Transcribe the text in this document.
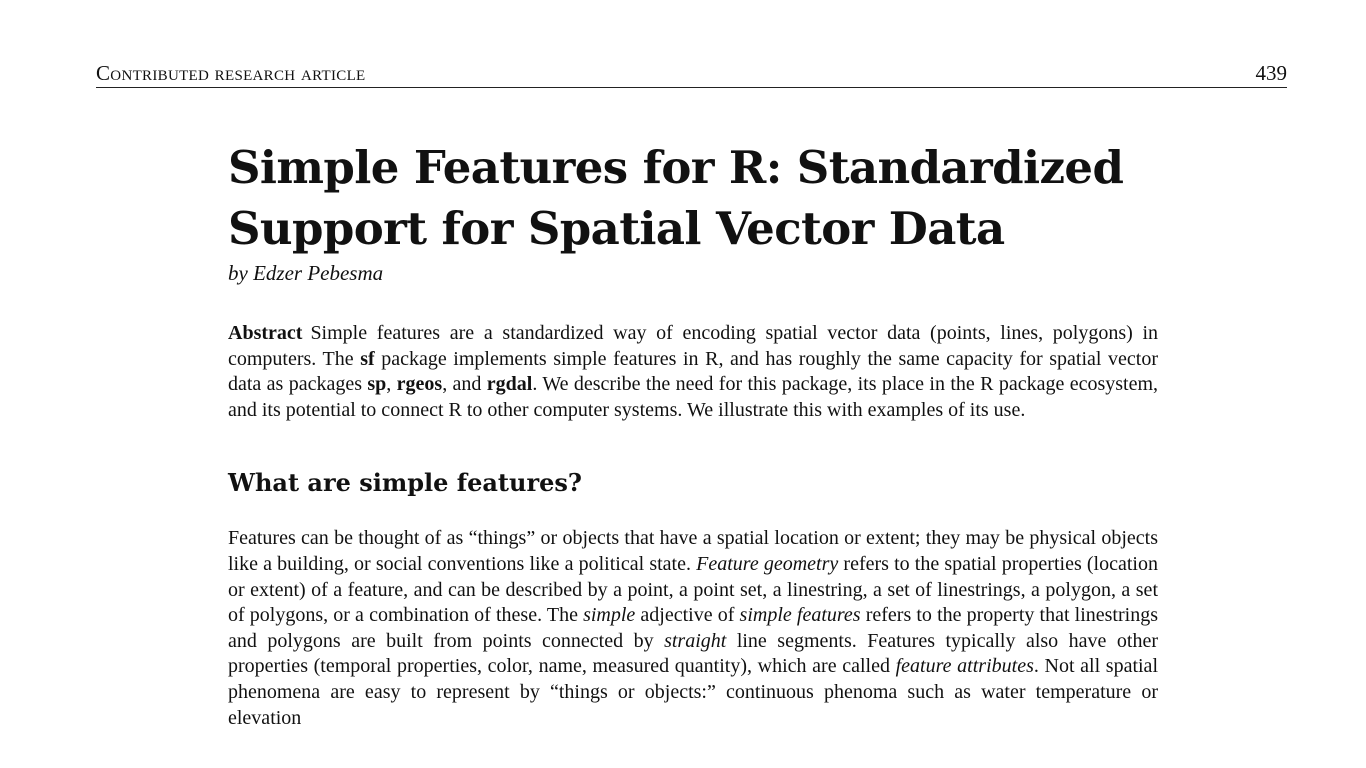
Contributed research article	439
Simple Features for R: Standardized Support for Spatial Vector Data
by Edzer Pebesma

Abstract Simple features are a standardized way of encoding spatial vector data (points, lines, polygons) in computers. The sf package implements simple features in R, and has roughly the same capacity for spatial vector data as packages sp, rgeos, and rgdal. We describe the need for this package, its place in the R package ecosystem, and its potential to connect R to other computer systems. We illustrate this with examples of its use.

What are simple features?

Features can be thought of as “things” or objects that have a spatial location or extent; they may be physical objects like a building, or social conventions like a political state. Feature geometry refers to the spatial properties (location or extent) of a feature, and can be described by a point, a point set, a linestring, a set of linestrings, a polygon, a set of polygons, or a combination of these. The simple adjective of simple features refers to the property that linestrings and polygons are built from points connected by straight line segments. Features typically also have other properties (temporal properties, color, name, measured quantity), which are called feature attributes. Not all spatial phenomena are easy to represent by “things or objects:” continuous phenoma such as water temperature or elevation
